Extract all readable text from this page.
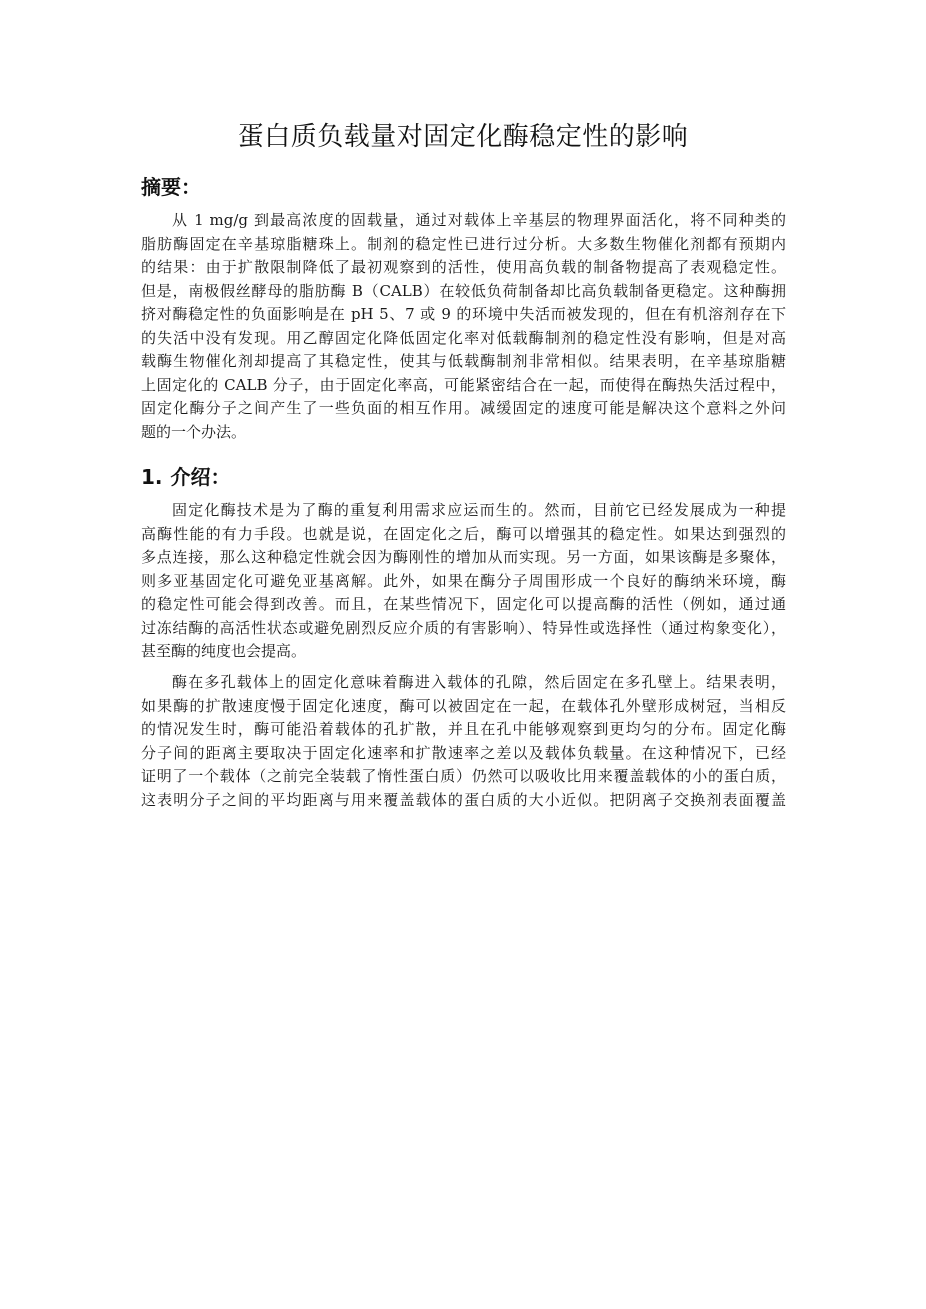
蛋白质负载量对固定化酶稳定性的影响
摘要：
从 1 mg/g 到最高浓度的固载量，通过对载体上辛基层的物理界面活化，将不同种类的
脂肪酶固定在辛基琼脂糖珠上。制剂的稳定性已进行过分析。大多数生物催化剂都有预期内
的结果：由于扩散限制降低了最初观察到的活性，使用高负载的制备物提高了表观稳定性。
但是，南极假丝酵母的脂肪酶 B（CALB）在较低负荷制备却比高负载制备更稳定。这种酶拥
挤对酶稳定性的负面影响是在 pH 5、7 或 9 的环境中失活而被发现的，但在有机溶剂存在下
的失活中没有发现。用乙醇固定化降低固定化率对低载酶制剂的稳定性没有影响，但是对高
载酶生物催化剂却提高了其稳定性，使其与低载酶制剂非常相似。结果表明，在辛基琼脂糖
上固定化的 CALB 分子，由于固定化率高，可能紧密结合在一起，而使得在酶热失活过程中，
固定化酶分子之间产生了一些负面的相互作用。减缓固定的速度可能是解决这个意料之外问
题的一个办法。
1. 介绍：
固定化酶技术是为了酶的重复利用需求应运而生的。然而，目前它已经发展成为一种提
高酶性能的有力手段。也就是说，在固定化之后，酶可以增强其的稳定性。如果达到强烈的
多点连接，那么这种稳定性就会因为酶刚性的增加从而实现。另一方面，如果该酶是多聚体，
则多亚基固定化可避免亚基离解。此外，如果在酶分子周围形成一个良好的酶纳米环境，酶
的稳定性可能会得到改善。而且，在某些情况下，固定化可以提高酶的活性（例如，通过通
过冻结酶的高活性状态或避免剧烈反应介质的有害影响）、特异性或选择性（通过构象变化），
甚至酶的纯度也会提高。
酶在多孔载体上的固定化意味着酶进入载体的孔隙，然后固定在多孔壁上。结果表明，
如果酶的扩散速度慢于固定化速度，酶可以被固定在一起，在载体孔外壁形成树冠，当相反
的情况发生时，酶可能沿着载体的孔扩散，并且在孔中能够观察到更均匀的分布。固定化酶
分子间的距离主要取决于固定化速率和扩散速率之差以及载体负载量。在这种情况下，已经
证明了一个载体（之前完全装载了惰性蛋白质）仍然可以吸收比用来覆盖载体的小的蛋白质，
这表明分子之间的平均距离与用来覆盖载体的蛋白质的大小近似。把阴离子交换剂表面覆盖
